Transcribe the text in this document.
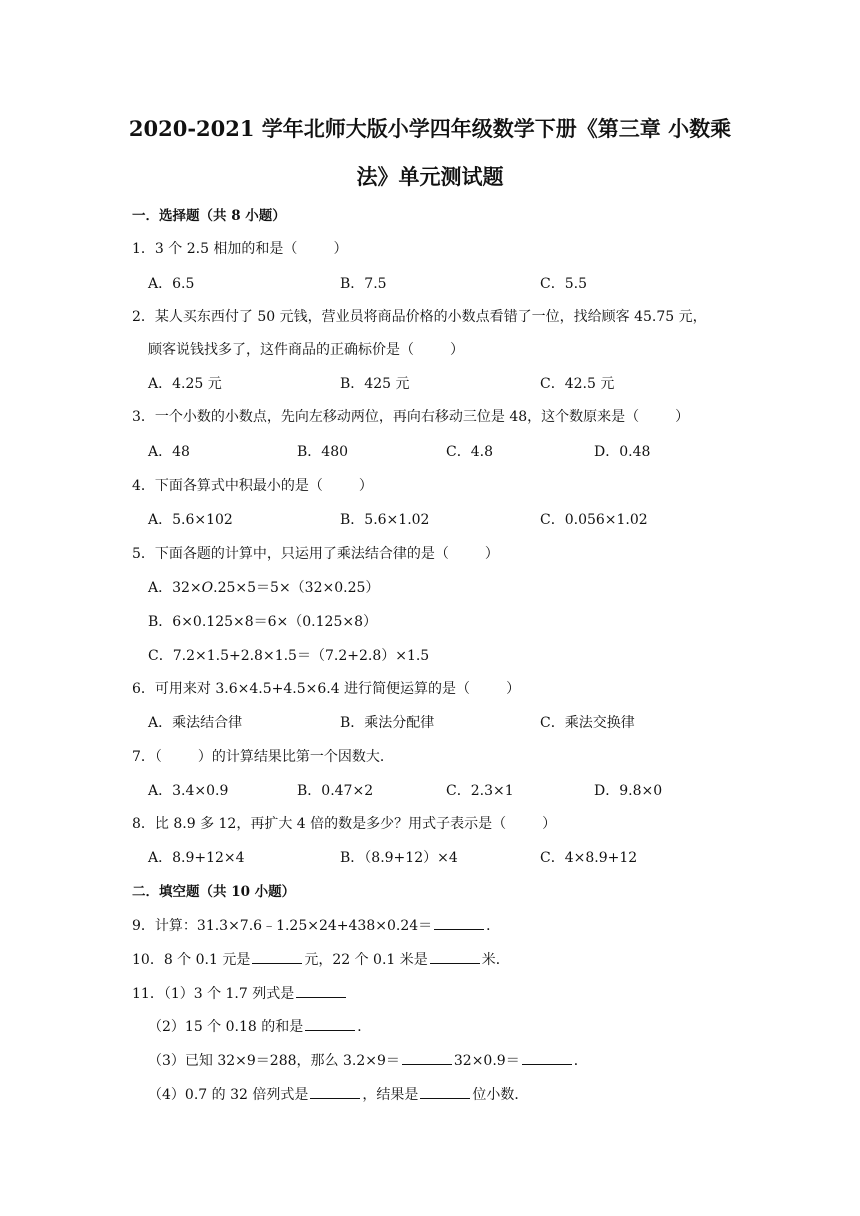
2020-2021 学年北师大版小学四年级数学下册《第三章 小数乘
法》单元测试题
一．选择题（共 8 小题）
1．3 个 2.5 相加的和是（	）
A．6.5	B．7.5	C．5.5
2．某人买东西付了 50 元钱，营业员将商品价格的小数点看错了一位，找给顾客 45.75 元，
顾客说钱找多了，这件商品的正确标价是（	）
A．4.25 元	B．425 元	C．42.5 元
3．一个小数的小数点，先向左移动两位，再向右移动三位是 48，这个数原来是（	）
A．48	B．480	C．4.8	D．0.48
4．下面各算式中积最小的是（	）
A．5.6×102	B．5.6×1.02	C．0.056×1.02
5．下面各题的计算中，只运用了乘法结合律的是（	）
A．32×O.25×5＝5×（32×0.25）
B．6×0.125×8＝6×（0.125×8）
C．7.2×1.5+2.8×1.5＝（7.2+2.8）×1.5
6．可用来对 3.6×4.5+4.5×6.4 进行简便运算的是（	）
A．乘法结合律	B．乘法分配律	C．乘法交换律
7．（	）的计算结果比第一个因数大．
A．3.4×0.9	B．0.47×2	C．2.3×1	D．9.8×0
8．比 8.9 多 12，再扩大 4 倍的数是多少？用式子表示是（	）
A．8.9+12×4	B．（8.9+12）×4	C．4×8.9+12
二．填空题（共 10 小题）
9．计算：31.3×7.6﹣1.25×24+438×0.24＝	．
10．8 个 0.1 元是	元，22 个 0.1 米是	米．
11．（1）3 个 1.7 列式是
（2）15 个 0.18 的和是	．
（3）已知 32×9＝288，那么 3.2×9＝	32×0.9＝	．
（4）0.7 的 32 倍列式是	，结果是	位小数．
